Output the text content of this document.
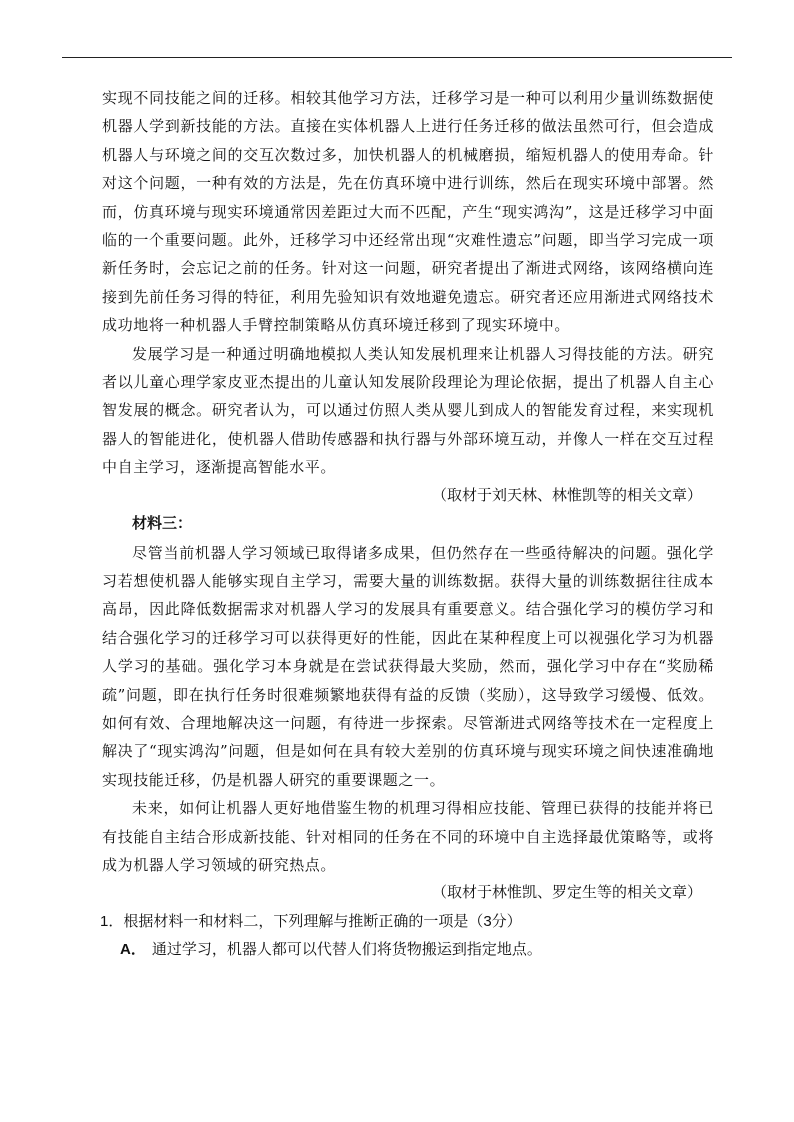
实现不同技能之间的迁移。相较其他学习方法，迁移学习是一种可以利用少量训练数据使机器人学到新技能的方法。直接在实体机器人上进行任务迁移的做法虽然可行，但会造成机器人与环境之间的交互次数过多，加快机器人的机械磨损，缩短机器人的使用寿命。针对这个问题，一种有效的方法是，先在仿真环境中进行训练，然后在现实环境中部署。然而，仿真环境与现实环境通常因差距过大而不匹配，产生“现实鸿沟”，这是迁移学习中面临的一个重要问题。此外，迁移学习中还经常出现“灾难性遗忘”问题，即当学习完成一项新任务时，会忘记之前的任务。针对这一问题，研究者提出了渐进式网络，该网络横向连接到先前任务习得的特征，利用先验知识有效地避免遗忘。研究者还应用渐进式网络技术成功地将一种机器人手臂控制策略从仿真环境迁移到了现实环境中。

发展学习是一种通过明确地模拟人类认知发展机理来让机器人习得技能的方法。研究者以儿童心理学家皮亚杰提出的儿童认知发展阶段理论为理论依据，提出了机器人自主心智发展的概念。研究者认为，可以通过仿照人类从婴儿到成人的智能发育过程，来实现机器人的智能进化，使机器人借助传感器和执行器与外部环境互动，并像人一样在交互过程中自主学习，逐渐提高智能水平。

（取材于刘天林、林惟凯等的相关文章）

材料三：

尽管当前机器人学习领域已取得诸多成果，但仍然存在一些亟待解决的问题。强化学习若想使机器人能够实现自主学习，需要大量的训练数据。获得大量的训练数据往往成本高昂，因此降低数据需求对机器人学习的发展具有重要意义。结合强化学习的模仿学习和结合强化学习的迁移学习可以获得更好的性能，因此在某种程度上可以视强化学习为机器人学习的基础。强化学习本身就是在尝试获得最大奖励，然而，强化学习中存在“奖励稀疏”问题，即在执行任务时很难频繁地获得有益的反馈（奖励），这导致学习缓慢、低效。如何有效、合理地解决这一问题，有待进一步探索。尽管渐进式网络等技术在一定程度上解决了“现实鸿沟”问题，但是如何在具有较大差别的仿真环境与现实环境之间快速准确地实现技能迁移，仍是机器人研究的重要课题之一。

未来，如何让机器人更好地借鉴生物的机理习得相应技能、管理已获得的技能并将已有技能自主结合形成新技能、针对相同的任务在不同的环境中自主选择最优策略等，或将成为机器人学习领域的研究热点。

（取材于林惟凯、罗定生等的相关文章）

1．根据材料一和材料二，下列理解与推断正确的一项是（3分）

A． 通过学习，机器人都可以代替人们将货物搬运到指定地点。
